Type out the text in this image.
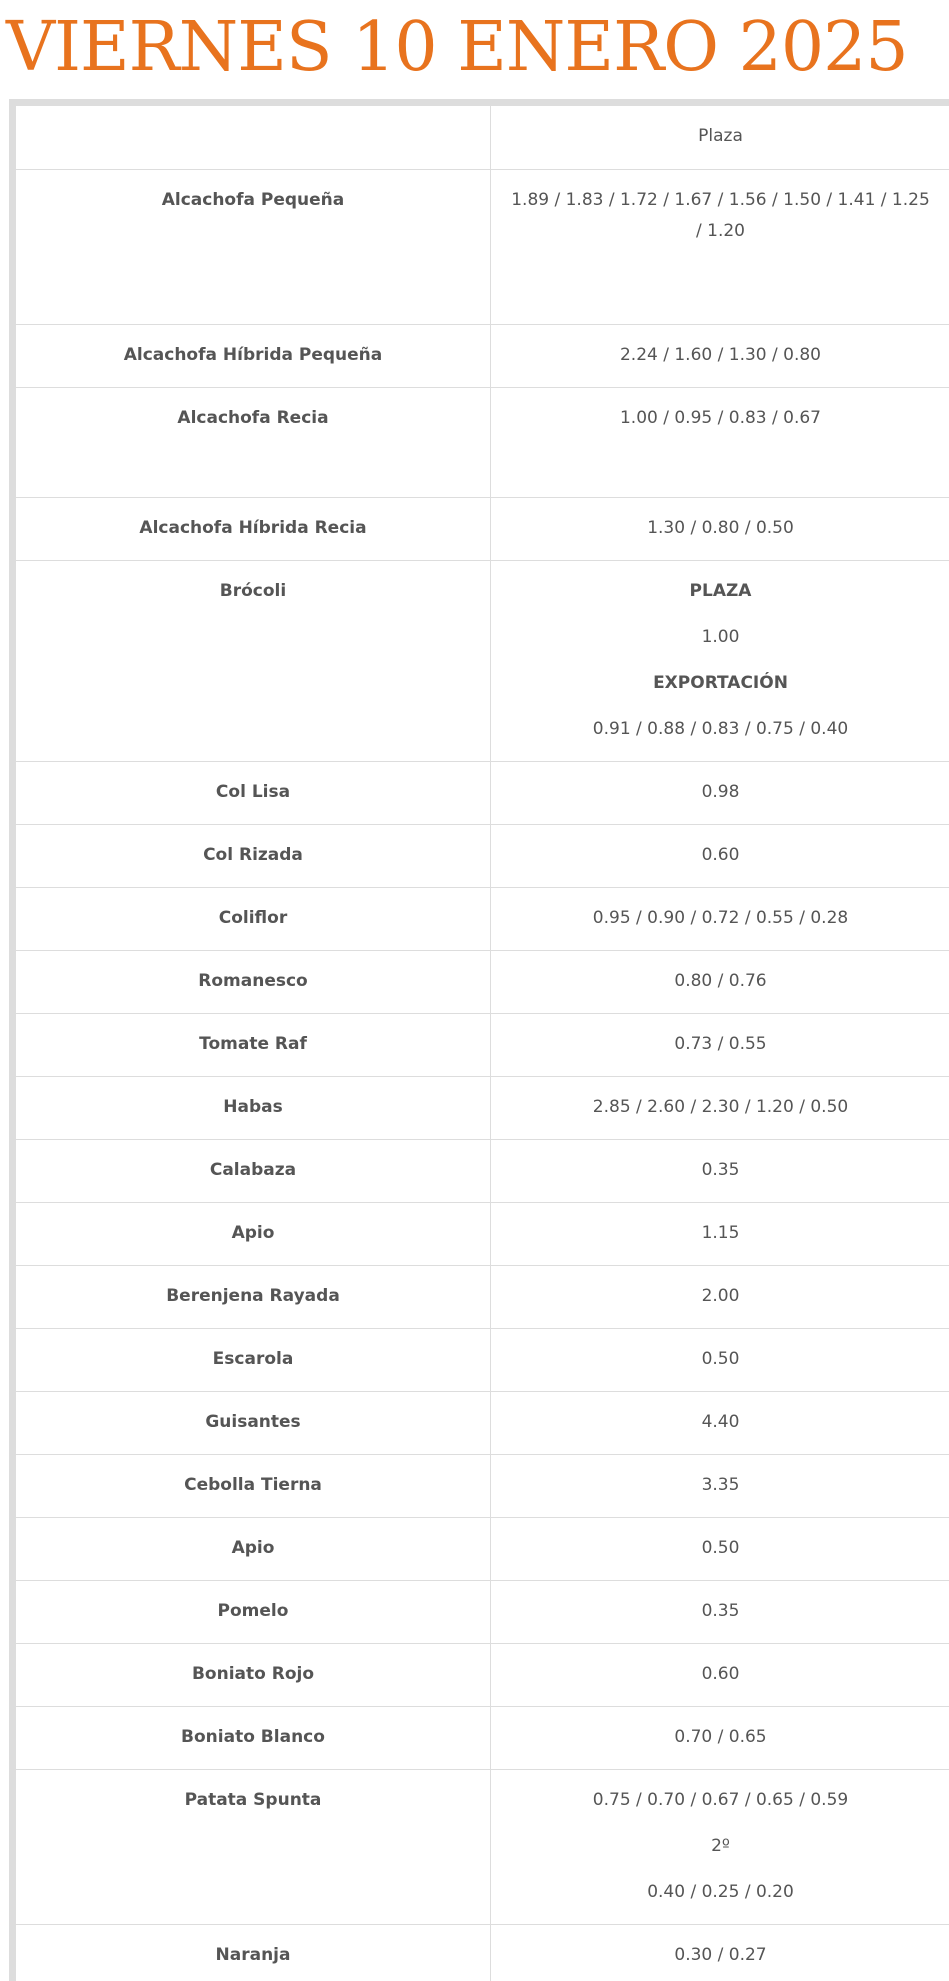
VIERNES 10 ENERO 2025
	Plaza
Alcachofa Pequeña	1.89 / 1.83 / 1.72 / 1.67 / 1.56 / 1.50 / 1.41 / 1.25 / 1.20

Alcachofa Híbrida Pequeña	2.24 / 1.60 / 1.30 / 0.80

Alcachofa Recia	1.00 / 0.95 / 0.83 / 0.67

Alcachofa Híbrida Recia	1.30 / 0.80 / 0.50

Brócoli	PLAZA
1.00
EXPORTACIÓN
0.91 / 0.88 / 0.83 / 0.75 / 0.40

Col Lisa	0.98

Col Rizada	0.60

Coliflor	0.95 / 0.90 / 0.72 / 0.55 / 0.28

Romanesco	0.80 / 0.76

Tomate Raf	0.73 / 0.55

Habas	2.85 / 2.60 / 2.30 / 1.20 / 0.50

Calabaza	0.35

Apio	1.15

Berenjena Rayada	2.00

Escarola	0.50

Guisantes	4.40

Cebolla Tierna	3.35

Apio	0.50

Pomelo	0.35

Boniato Rojo	0.60

Boniato Blanco	0.70 / 0.65

Patata Spunta	0.75 / 0.70 / 0.67 / 0.65 / 0.59
2º
0.40 / 0.25 / 0.20

Naranja	0.30 / 0.27
